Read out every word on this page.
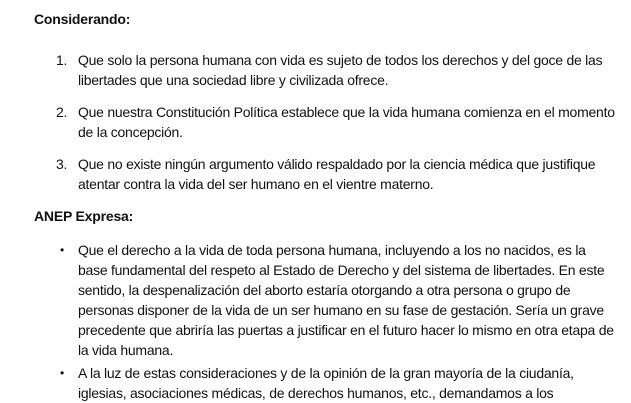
Considerando:
1. Que solo la persona humana con vida es sujeto de todos los derechos y del goce de las libertades que una sociedad libre y civilizada ofrece.
2. Que nuestra Constitución Política establece que la vida humana comienza en el momento de la concepción.
3. Que no existe ningún argumento válido respaldado por la ciencia médica que justifique atentar contra la vida del ser humano en el vientre materno.
ANEP Expresa:
• Que el derecho a la vida de toda persona humana, incluyendo a los no nacidos, es la base fundamental del respeto al Estado de Derecho y del sistema de libertades. En este sentido, la despenalización del aborto estaría otorgando a otra persona o grupo de personas disponer de la vida de un ser humano en su fase de gestación. Sería un grave precedente que abriría las puertas a justificar en el futuro hacer lo mismo en otra etapa de la vida humana.
• A la luz de estas consideraciones y de la opinión de la gran mayoría de la ciudanía, iglesias, asociaciones médicas, de derechos humanos, etc., demandamos a los
